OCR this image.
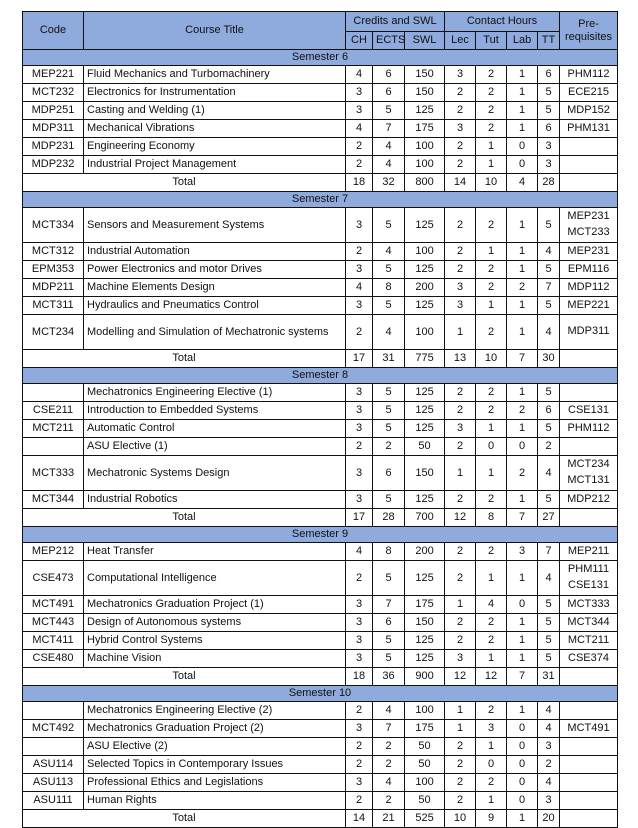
Code	Course Title	Credits and SWL			Contact Hours				Pre-
requisites

		CH	ECTS	SWL	Lec	Tut	Lab	TT	
Semester 6									
MEP221	Fluid Mechanics and Turbomachinery	4	6	150	3	2	1	6	PHM112

MCT232	Electronics for Instrumentation	3	6	150	2	2	1	5	ECE215

MDP251	Casting and Welding (1)	3	5	125	2	2	1	5	MDP152

MDP311	Mechanical Vibrations	4	7	175	3	2	1	6	PHM131

MDP231	Engineering Economy	2	4	100	2	1	0	3	
MDP232	Industrial Project Management	2	4	100	2	1	0	3	
Total		18	32	800	14	10	4	28	
Semester 7									
MCT334	Sensors and Measurement Systems	3	5	125	2	2	1	5	MEP231
MCT233

MCT312	Industrial Automation	2	4	100	2	1	1	4	MEP231

EPM353	Power Electronics and motor Drives	3	5	125	2	2	1	5	EPM116

MDP211	Machine Elements Design	4	8	200	3	2	2	7	MDP112

MCT311	Hydraulics and Pneumatics Control	3	5	125	3	1	1	5	MEP221

MCT234	Modelling and Simulation of Mechatronic systems	2	4	100	1	2	1	4	MDP311

Total		17	31	775	13	10	7	30	
Semester 8									
	Mechatronics Engineering Elective (1)	3	5	125	2	2	1	5	
CSE211	Introduction to Embedded Systems	3	5	125	2	2	2	6	CSE131

MCT211	Automatic Control	3	5	125	3	1	1	5	PHM112

	ASU Elective (1)	2	2	50	2	0	0	2	
MCT333	Mechatronic Systems Design	3	6	150	1	1	2	4	MCT234
MCT131

MCT344	Industrial Robotics	3	5	125	2	2	1	5	MDP212

Total		17	28	700	12	8	7	27	
Semester 9									
MEP212	Heat Transfer	4	8	200	2	2	3	7	MEP211

CSE473	Computational Intelligence	2	5	125	2	1	1	4	PHM111
CSE131

MCT491	Mechatronics Graduation Project (1)	3	7	175	1	4	0	5	MCT333

MCT443	Design of Autonomous systems	3	6	150	2	2	1	5	MCT344

MCT411	Hybrid Control Systems	3	5	125	2	2	1	5	MCT211

CSE480	Machine Vision	3	5	125	3	1	1	5	CSE374

Total		18	36	900	12	12	7	31	
Semester 10									
	Mechatronics Engineering Elective (2)	2	4	100	1	2	1	4	
MCT492	Mechatronics Graduation Project (2)	3	7	175	1	3	0	4	MCT491

	ASU Elective (2)	2	2	50	2	1	0	3	
ASU114	Selected Topics in Contemporary Issues	2	2	50	2	0	0	2	
ASU113	Professional Ethics and Legislations	3	4	100	2	2	0	4	
ASU111	Human Rights	2	2	50	2	1	0	3	
Total		14	21	525	10	9	1	20	
